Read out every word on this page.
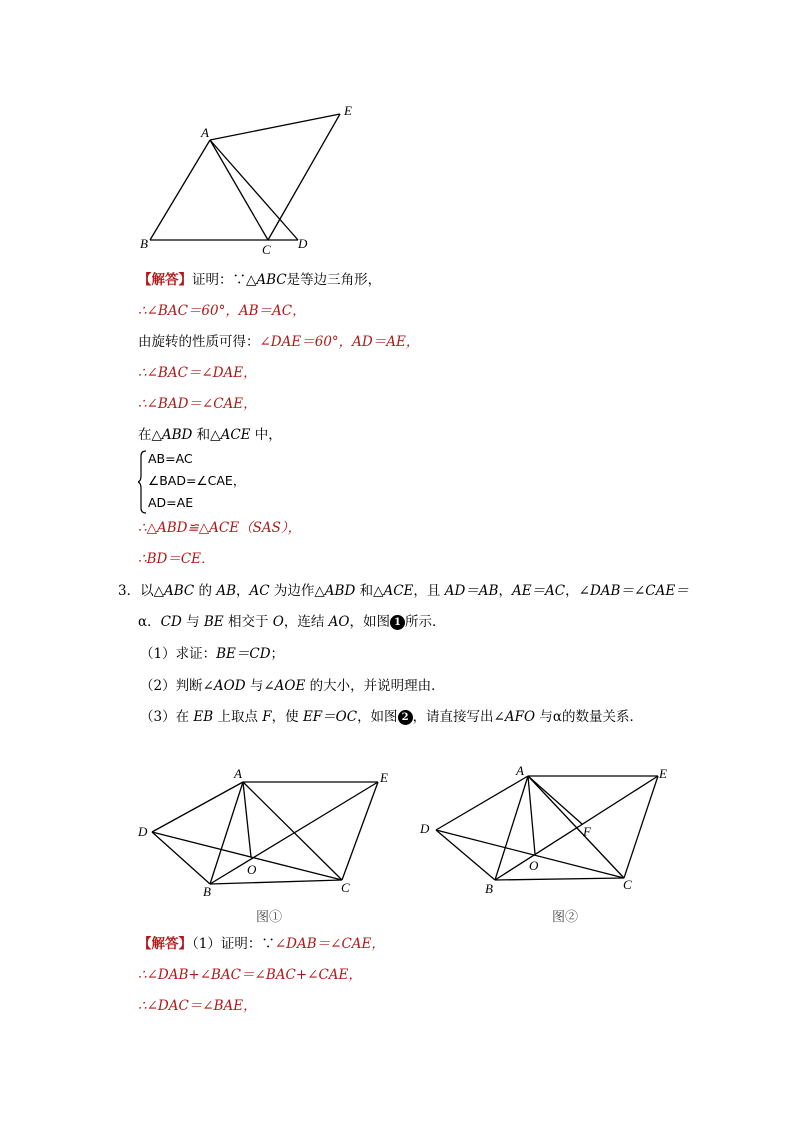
A
B	C D
E
【解答】证明：∵△ABC是等边三角形，
∴∠BAC＝60°，AB＝AC，
由旋转的性质可得：∠DAE＝60°，AD＝AE，
∴∠BAC＝∠DAE，
∴∠BAD＝∠CAE，
在△ABD 和△ACE 中，
AB=AC
∠BAD=∠CAE，
AD=AE
∴△ABD≌△ACE（SAS），
∴BD＝CE．
3．以△ABC 的 AB，AC 为边作△ABD 和△ACE，且 AD＝AB，AE＝AC，∠DAB＝∠CAE＝
α．CD 与 BE 相交于 O，连结 AO，如图 1 所示．
（1）求证：BE＝CD；
（2）判断∠AOD 与∠AOE 的大小，并说明理由．
（3）在 EB 上取点 F，使 EF＝OC，如图 2 ，请直接写出∠AFO 与α的数量关系．
A
B	C
D
E
O
图①
A
B	C
D
E
O
F
图②
【解答】（1）证明：∵∠DAB＝∠CAE，
∴∠DAB+∠BAC＝∠BAC+∠CAE，
∴∠DAC＝∠BAE，
